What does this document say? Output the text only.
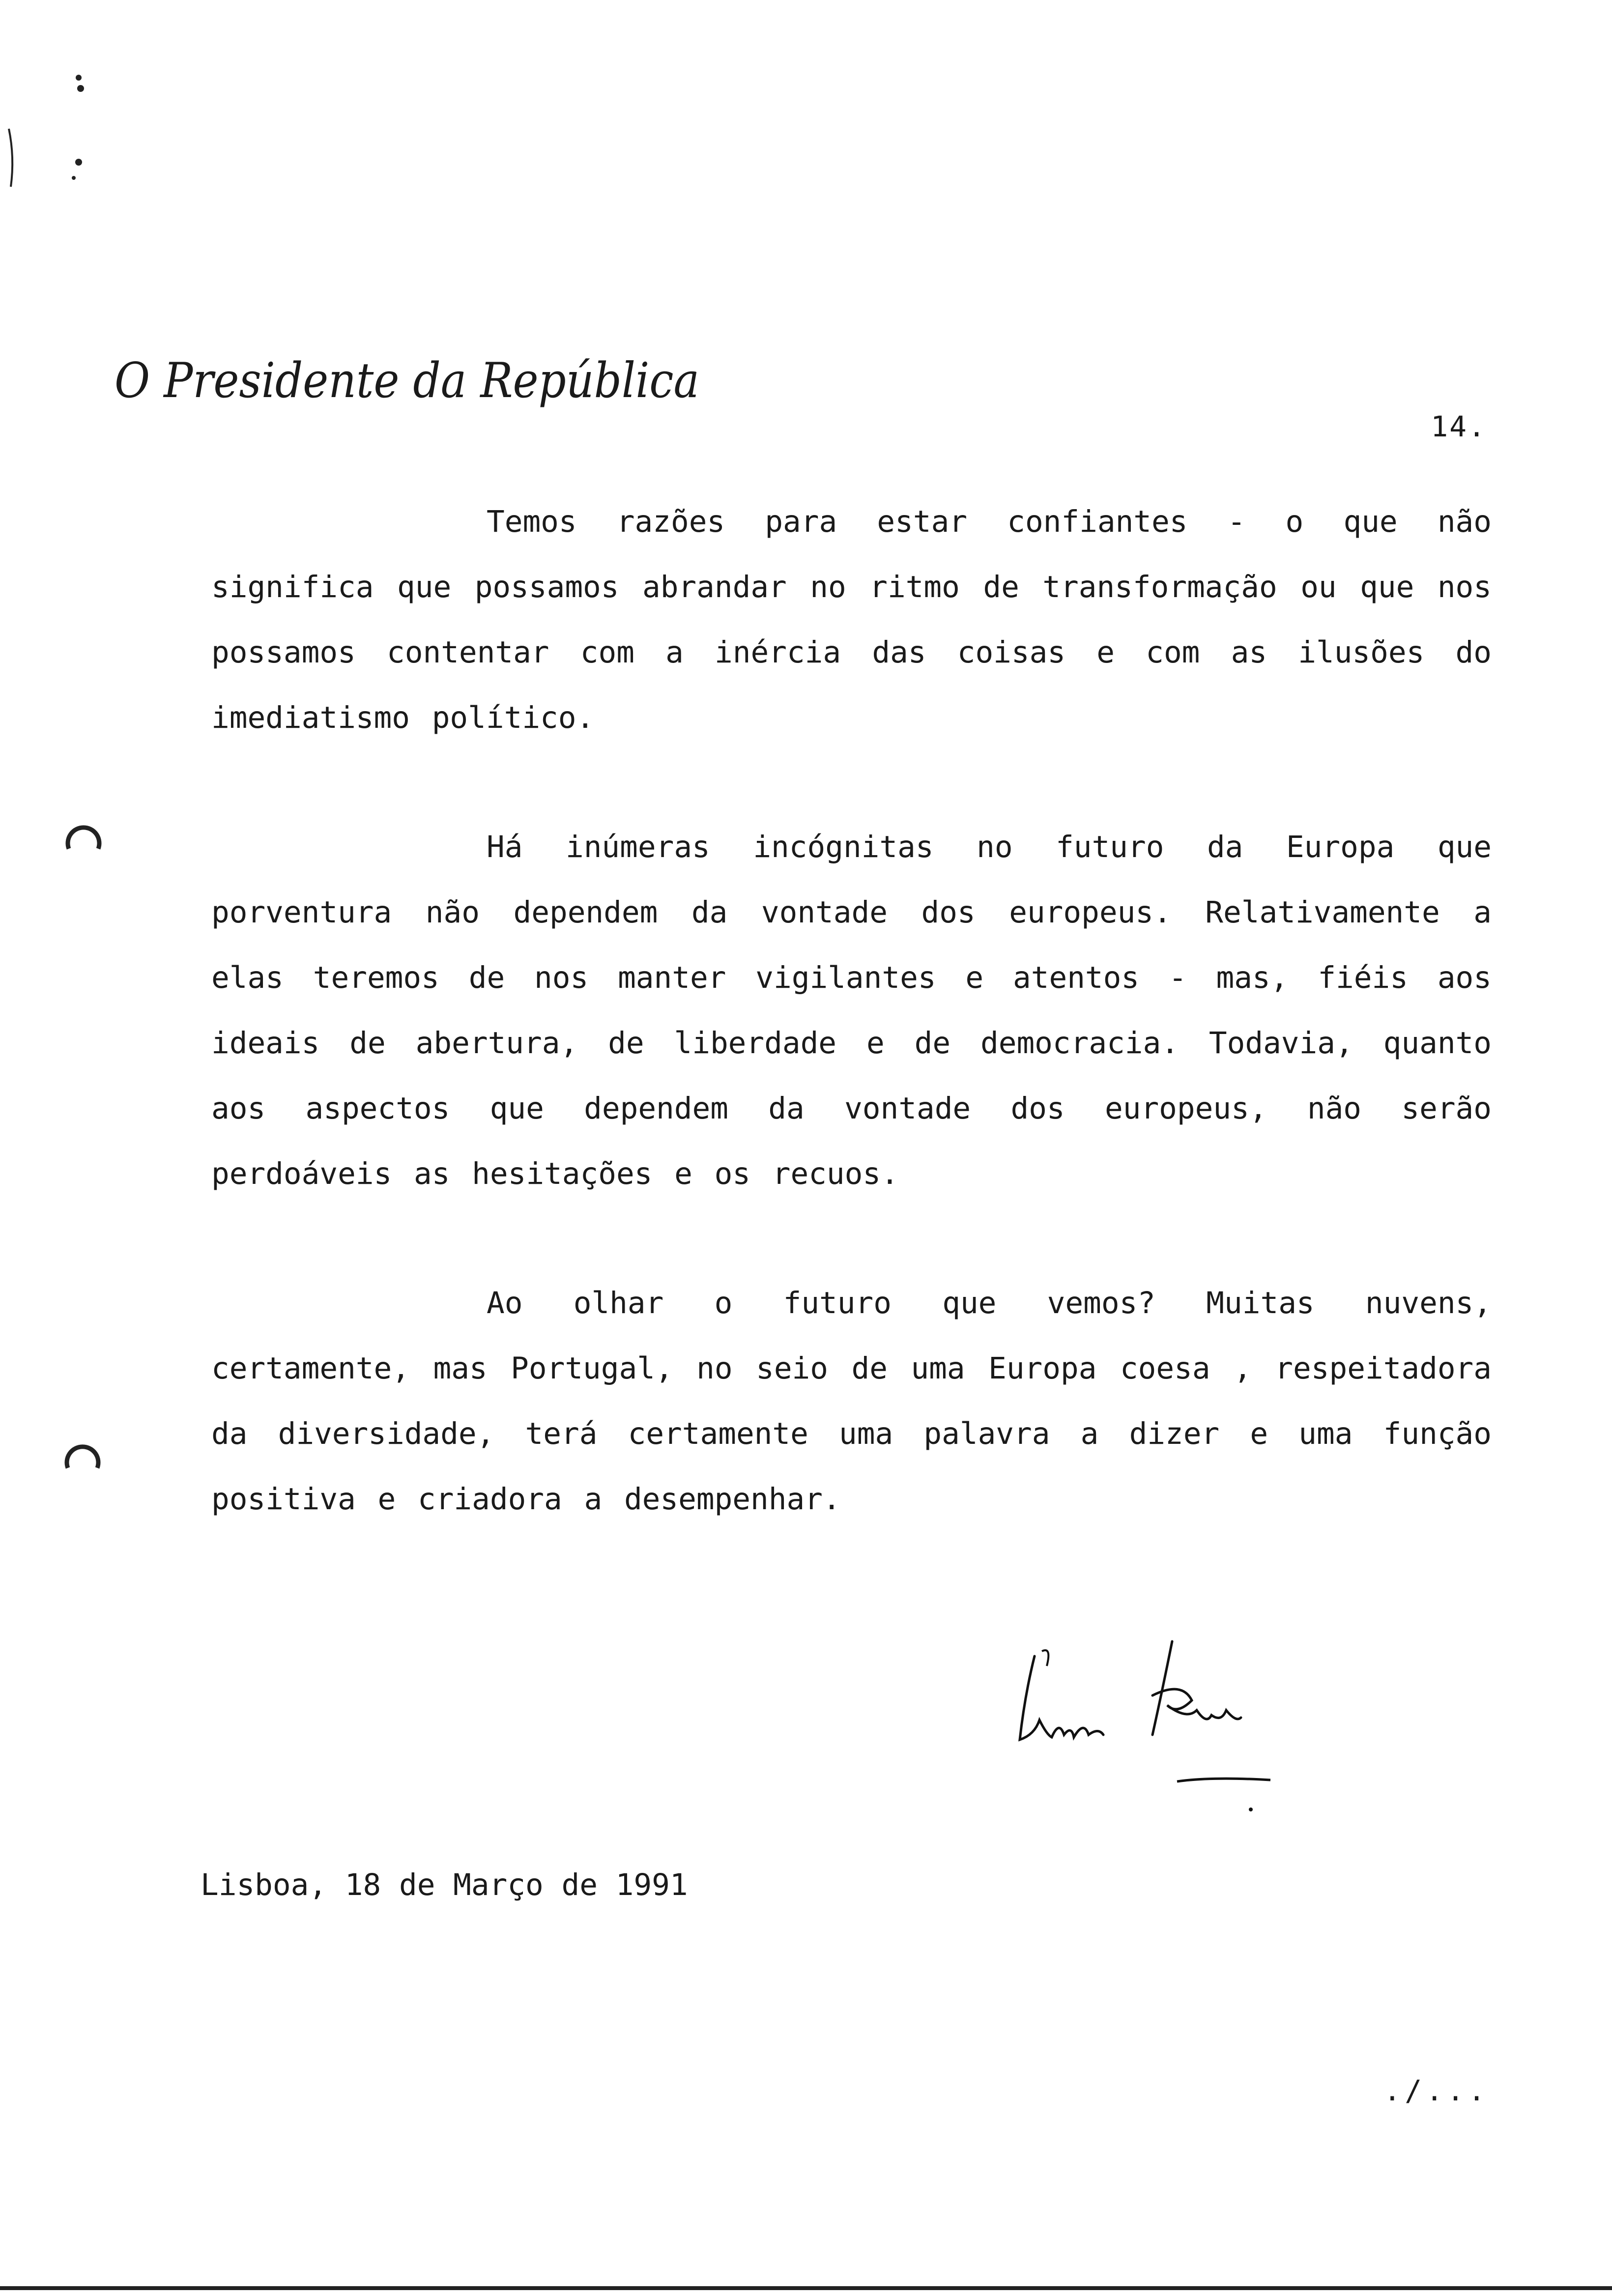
O Presidente da República
14.
Temos razões para estar confiantes - o que não significa que possamos abrandar no ritmo de transformação ou que nos possamos contentar com a inércia das coisas e com as ilusões do imediatismo político.
Há inúmeras incógnitas no futuro da Europa que porventura não dependem da vontade dos europeus. Relativamente a elas teremos de nos manter vigilantes e atentos - mas, fiéis aos ideais de abertura, de liberdade e de democracia. Todavia, quanto aos aspectos que dependem da vontade dos europeus, não serão perdoáveis as hesitações e os recuos.
Ao olhar o futuro que vemos? Muitas nuvens, certamente, mas Portugal, no seio de uma Europa coesa , respeitadora da diversidade, terá certamente uma palavra a dizer e uma função positiva e criadora a desempenhar.
Lisboa, 18 de Março de 1991
./...
